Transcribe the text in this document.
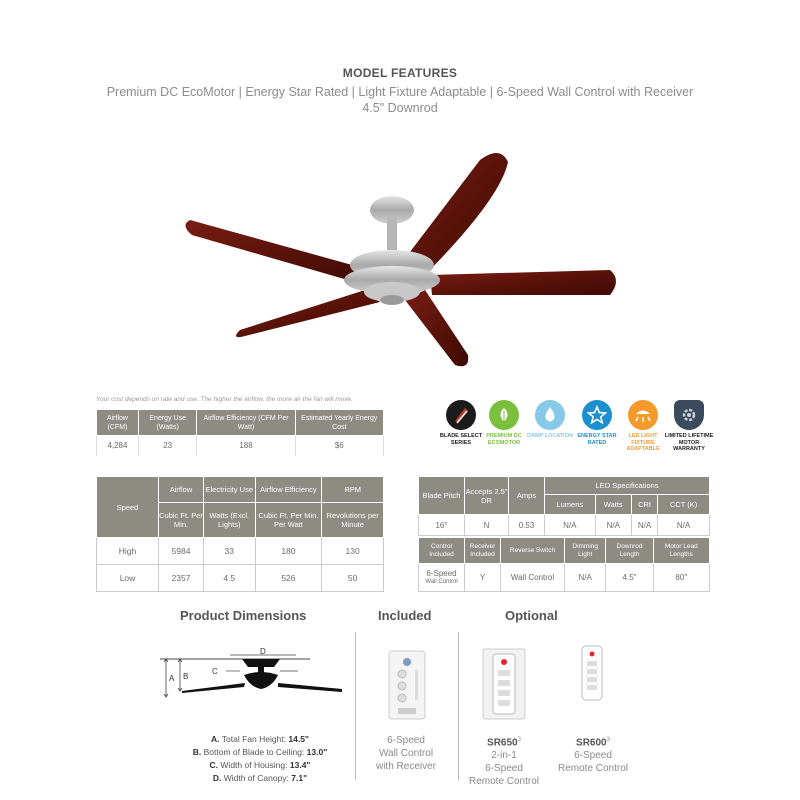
MODEL FEATURES
Premium DC EcoMotor | Energy Star Rated | Light Fixture Adaptable | 6-Speed Wall Control with Receiver
4.5" Downrod
Your cost depends on rate and use. The higher the airflow, the more air the fan will move.
Airflow (CFM)	Energy Use (Watts)	Airflow Efficiency (CFM Per Watt)	Estimated Yearly Energy Cost
4,284	23	188	$6
BLADE SELECT SERIES
PREMIUM DC ECOMOTOR
DAMP LOCATION ENERGY STAR RATED
LED LIGHT FIXTURE ADAPTABLE
LIMITED LIFETIME MOTOR WARRANTY
Speed	Airflow	Electricity Use	Airflow Efficiency	RPM
	Cubic Ft. Per Min.	Watts (Excl. Lights)	Cubic Ft. Per Min. Per Watt	Revolutions per Minute
High	5984	33	180	130
Low	2357	4.5	526	50
Blade Pitch	Accepts 2.5" DR	Amps	LED Specifications			
			Lumens	Watts	CRI	CCT (K)
16°	N	0.53	N/A	N/A	N/A	N/A
Control Included	Receiver Included	Reverse Switch	Dimming Light	Downrod Length	Motor Lead Lengths

6-Speed
Wall Control	Y	Wall Control	N/A	4.5"	80"
Product Dimensions	Included	Optional
A B
D
C
A. Total Fan Height: 14.5"
B. Bottom of Blade to Ceiling: 13.0"
C. Width of Housing: 13.4"
D. Width of Canopy: 7.1"
6-Speed
Wall Control
with Receiver
$SR650^3$
2-in-1
6-Speed
Remote Control
$SR600^3$
6-Speed
Remote Control
